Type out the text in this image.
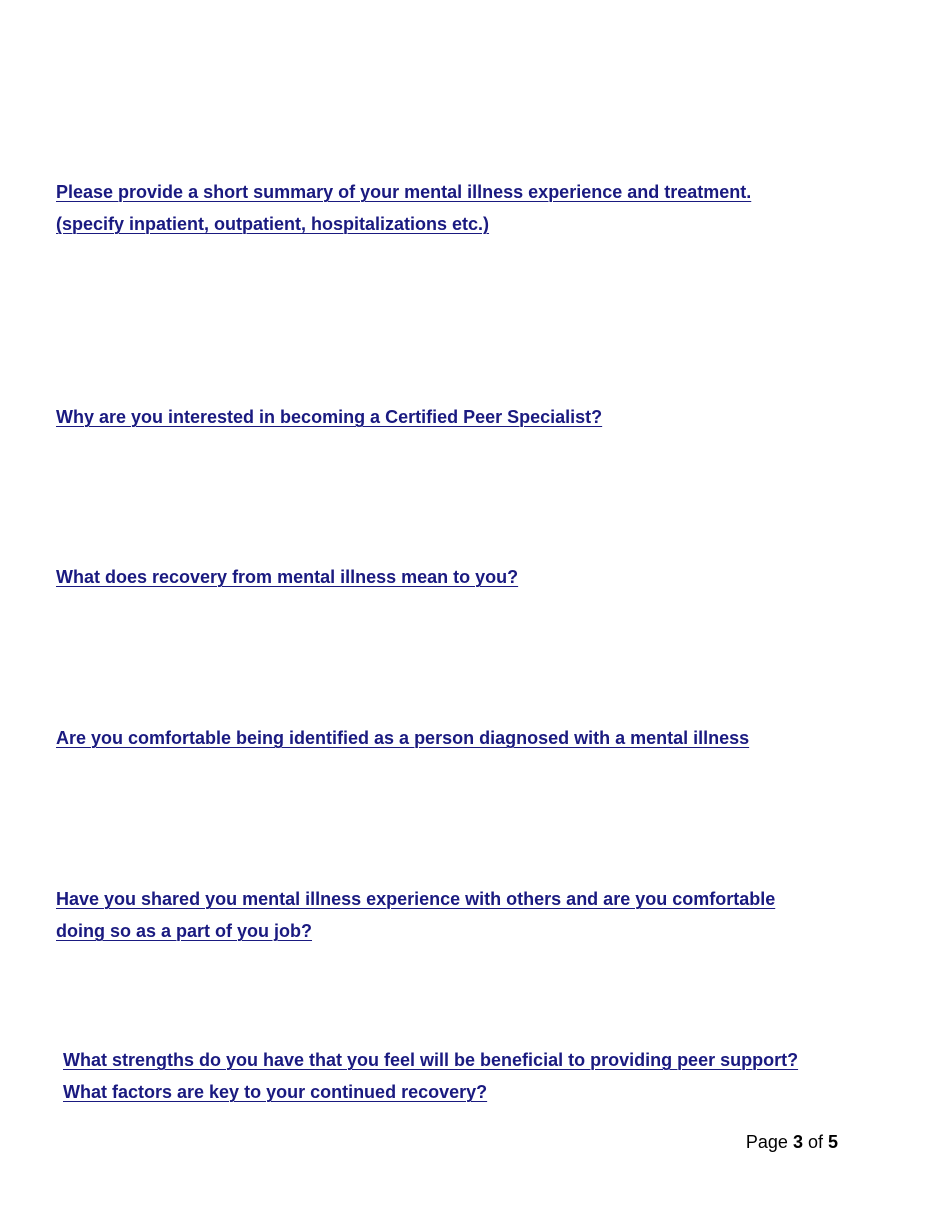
Please provide a short summary of your mental illness experience and treatment.
(specify inpatient, outpatient, hospitalizations etc.)
Why are you interested in becoming a Certified Peer Specialist?
What does recovery from mental illness mean to you?
Are you comfortable being identified as a person diagnosed with a mental illness
Have you shared you mental illness experience with others and are you comfortable
doing so as a part of you job?
What strengths do you have that you feel will be beneficial to providing peer support?
What factors are key to your continued recovery?
Page 3 of 5
